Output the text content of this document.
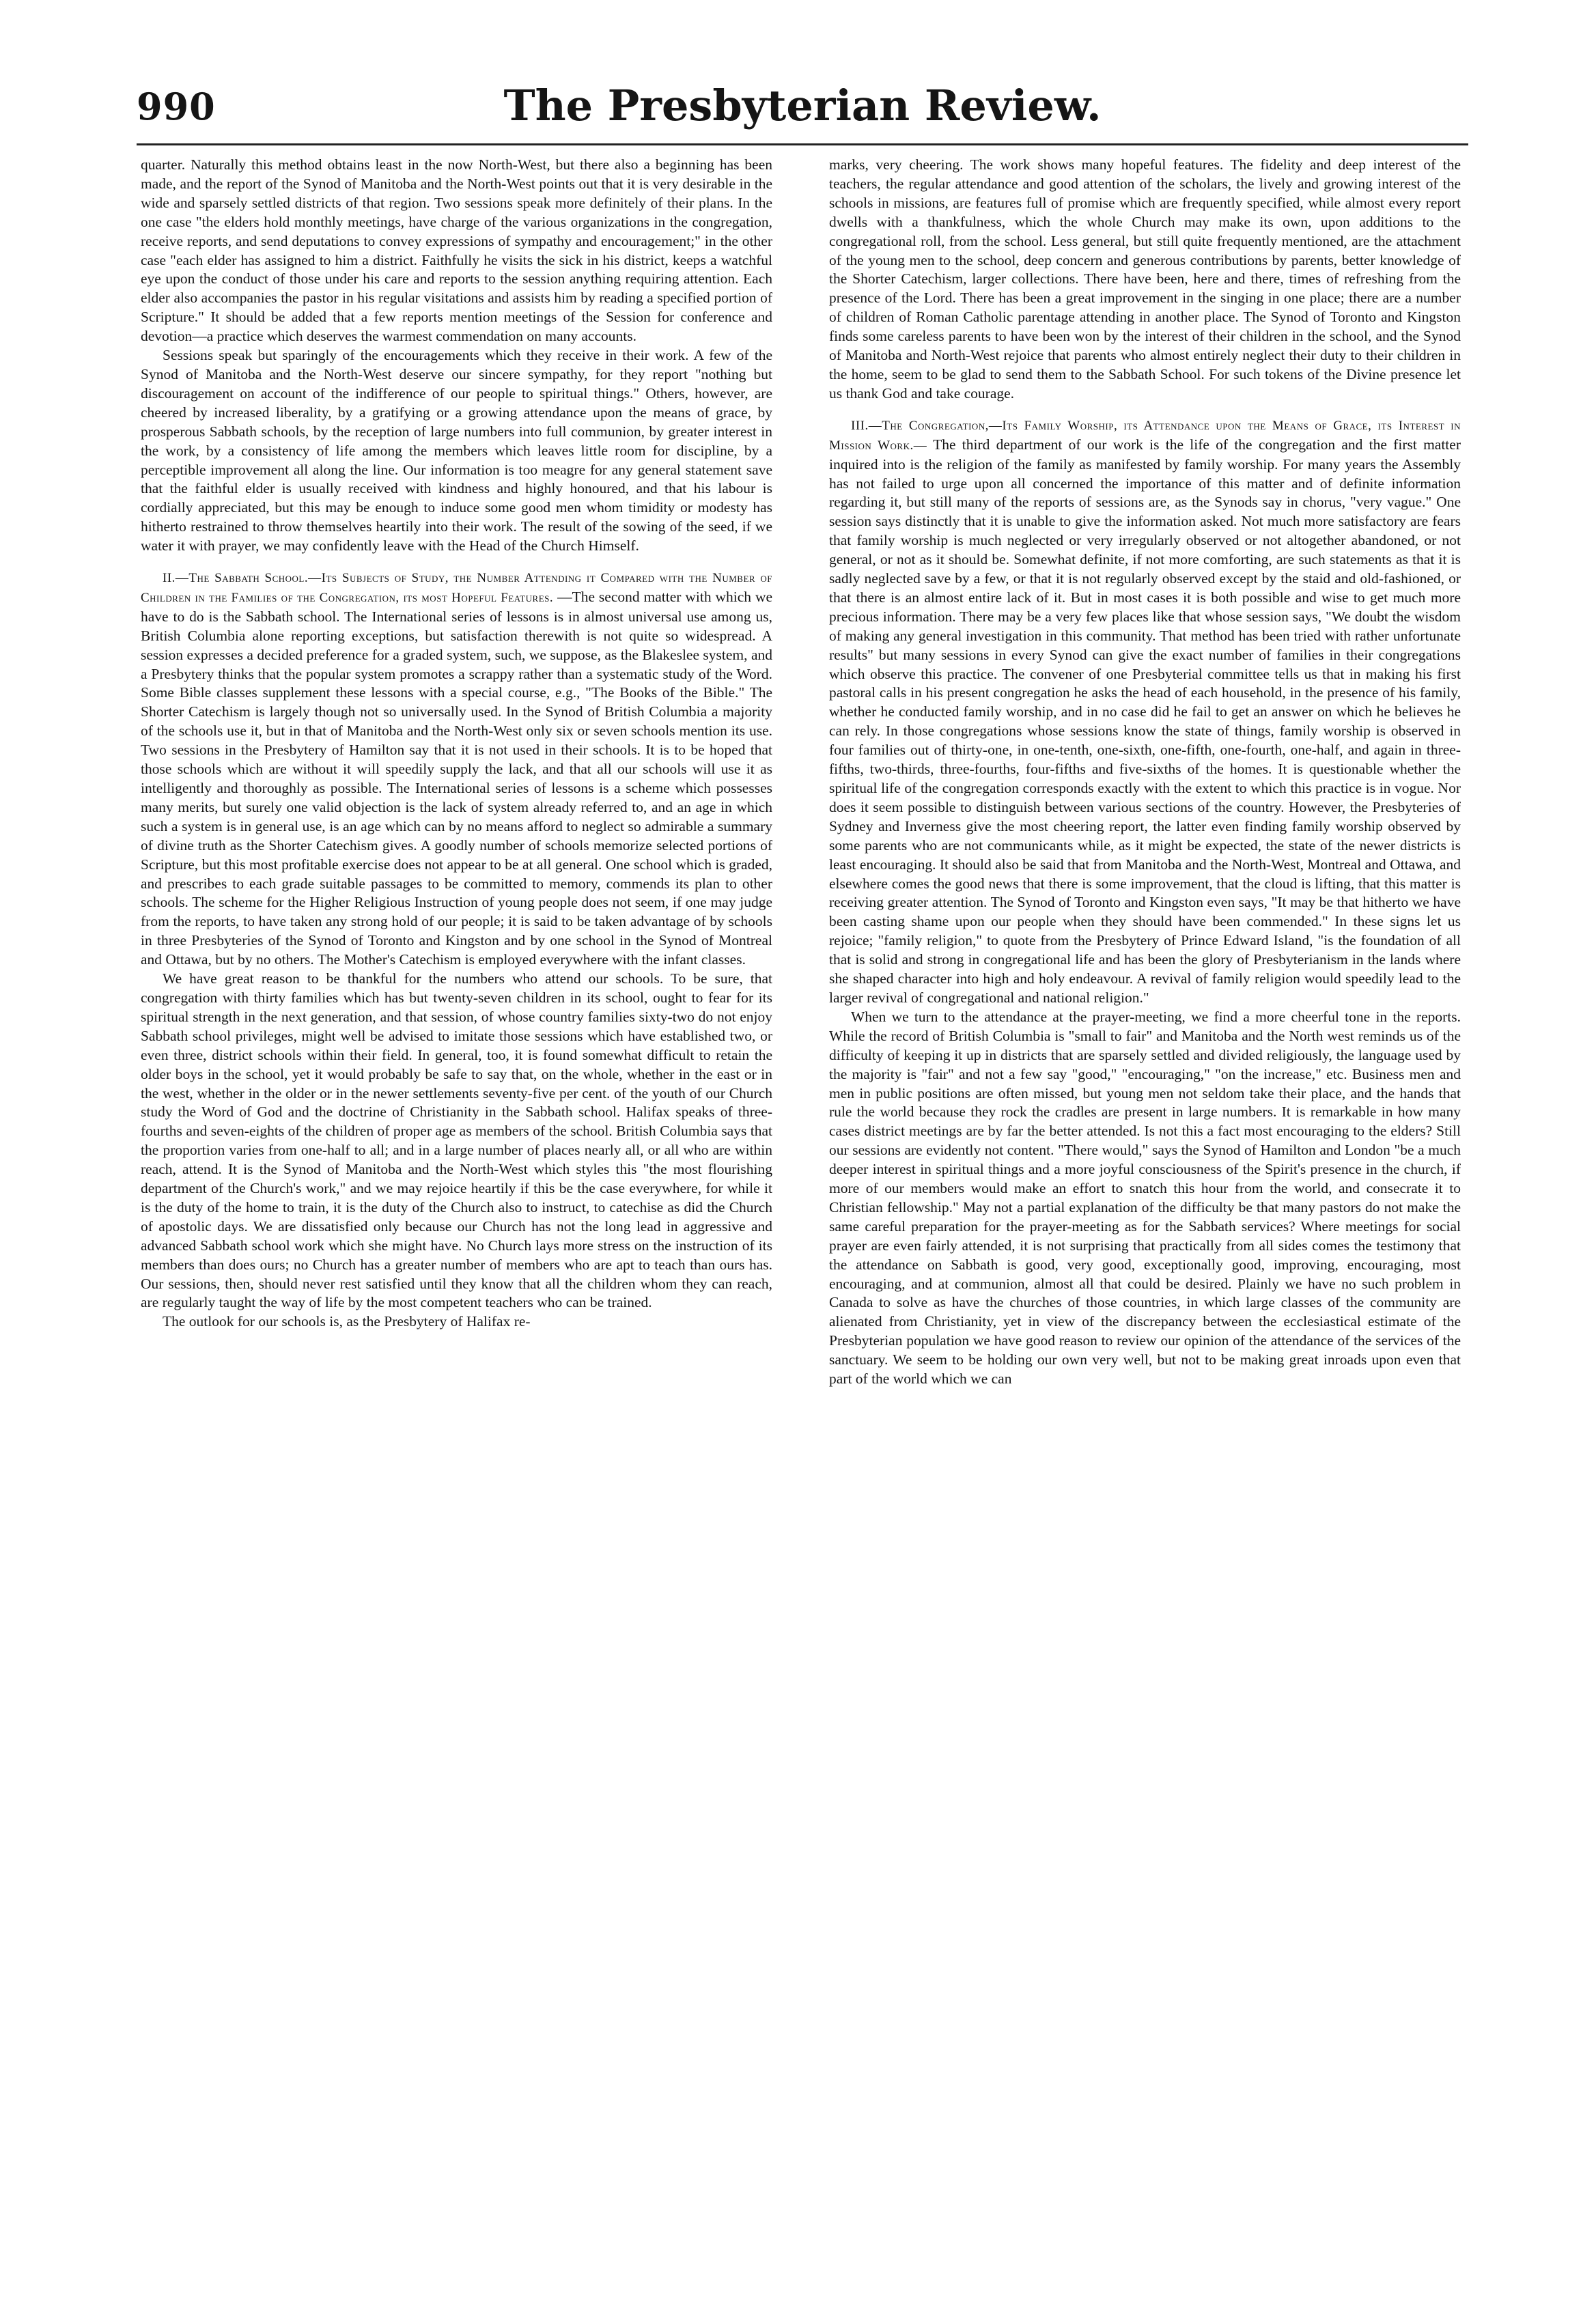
990	The Presbyterian Review.

quarter. Naturally this method obtains least in the now North-West, but there also a beginning has been made, and the report of the Synod of Manitoba and the North-West points out that it is very desirable in the wide and sparsely settled districts of that region. Two sessions speak more definitely of their plans. In the one case "the elders hold monthly meetings, have charge of the various organizations in the congregation, receive reports, and send deputations to convey expressions of sympathy and encouragement;" in the other case "each elder has assigned to him a district. Faithfully he visits the sick in his district, keeps a watchful eye upon the conduct of those under his care and reports to the session anything requiring attention. Each elder also accompanies the pastor in his regular visitations and assists him by reading a specified portion of Scripture." It should be added that a few reports mention meetings of the Session for conference and devotion—a practice which deserves the warmest commendation on many accounts.

Sessions speak but sparingly of the encouragements which they receive in their work. A few of the Synod of Manitoba and the North-West deserve our sincere sympathy, for they report "nothing but discouragement on account of the indifference of our people to spiritual things." Others, however, are cheered by increased liberality, by a gratifying or a growing attendance upon the means of grace, by prosperous Sabbath schools, by the reception of large numbers into full communion, by greater interest in the work, by a consistency of life among the members which leaves little room for discipline, by a perceptible improvement all along the line. Our information is too meagre for any general statement save that the faithful elder is usually received with kindness and highly honoured, and that his labour is cordially appreciated, but this may be enough to induce some good men whom timidity or modesty has hitherto restrained to throw themselves heartily into their work. The result of the sowing of the seed, if we water it with prayer, we may confidently leave with the Head of the Church Himself.

II.—The Sabbath School.—Its Subjects of Study, the Number Attending it Compared with the Number of Children in the Families of the Congregation, its most Hopeful Features. —The second matter with which we have to do is the Sabbath school. The International series of lessons is in almost universal use among us, British Columbia alone reporting exceptions, but satisfaction therewith is not quite so widespread. A session expresses a decided preference for a graded system, such, we suppose, as the Blakeslee system, and a Presbytery thinks that the popular system promotes a scrappy rather than a systematic study of the Word. Some Bible classes supplement these lessons with a special course, e.g., "The Books of the Bible." The Shorter Catechism is largely though not so universally used. In the Synod of British Columbia a majority of the schools use it, but in that of Manitoba and the North-West only six or seven schools mention its use. Two sessions in the Presbytery of Hamilton say that it is not used in their schools. It is to be hoped that those schools which are without it will speedily supply the lack, and that all our schools will use it as intelligently and thoroughly as possible. The International series of lessons is a scheme which possesses many merits, but surely one valid objection is the lack of system already referred to, and an age in which such a system is in general use, is an age which can by no means afford to neglect so admirable a summary of divine truth as the Shorter Catechism gives. A goodly number of schools memorize selected portions of Scripture, but this most profitable exercise does not appear to be at all general. One school which is graded, and prescribes to each grade suitable passages to be committed to memory, commends its plan to other schools. The scheme for the Higher Religious Instruction of young people does not seem, if one may judge from the reports, to have taken any strong hold of our people; it is said to be taken advantage of by schools in three Presbyteries of the Synod of Toronto and Kingston and by one school in the Synod of Montreal and Ottawa, but by no others. The Mother's Catechism is employed everywhere with the infant classes.

We have great reason to be thankful for the numbers who attend our schools. To be sure, that congregation with thirty families which has but twenty-seven children in its school, ought to fear for its spiritual strength in the next generation, and that session, of whose country families sixty-two do not enjoy Sabbath school privileges, might well be advised to imitate those sessions which have established two, or even three, district schools within their field. In general, too, it is found somewhat difficult to retain the older boys in the school, yet it would probably be safe to say that, on the whole, whether in the east or in the west, whether in the older or in the newer settlements seventy-five per cent. of the youth of our Church study the Word of God and the doctrine of Christianity in the Sabbath school. Halifax speaks of three-fourths and seven-eights of the children of proper age as members of the school. British Columbia says that the proportion varies from one-half to all; and in a large number of places nearly all, or all who are within reach, attend. It is the Synod of Manitoba and the North-West which styles this "the most flourishing department of the Church's work," and we may rejoice heartily if this be the case everywhere, for while it is the duty of the home to train, it is the duty of the Church also to instruct, to catechise as did the Church of apostolic days. We are dissatisfied only because our Church has not the long lead in aggressive and advanced Sabbath school work which she might have. No Church lays more stress on the instruction of its members than does ours; no Church has a greater number of members who are apt to teach than ours has. Our sessions, then, should never rest satisfied until they know that all the children whom they can reach, are regularly taught the way of life by the most competent teachers who can be trained.

The outlook for our schools is, as the Presbytery of Halifax re-

marks, very cheering. The work shows many hopeful features. The fidelity and deep interest of the teachers, the regular attendance and good attention of the scholars, the lively and growing interest of the schools in missions, are features full of promise which are frequently specified, while almost every report dwells with a thankfulness, which the whole Church may make its own, upon additions to the congregational roll, from the school. Less general, but still quite frequently mentioned, are the attachment of the young men to the school, deep concern and generous contributions by parents, better knowledge of the Shorter Catechism, larger collections. There have been, here and there, times of refreshing from the presence of the Lord. There has been a great improvement in the singing in one place; there are a number of children of Roman Catholic parentage attending in another place. The Synod of Toronto and Kingston finds some careless parents to have been won by the interest of their children in the school, and the Synod of Manitoba and North-West rejoice that parents who almost entirely neglect their duty to their children in the home, seem to be glad to send them to the Sabbath School. For such tokens of the Divine presence let us thank God and take courage.

III.—The Congregation,—Its Family Worship, its Attendance upon the Means of Grace, its Interest in Mission Work.— The third department of our work is the life of the congregation and the first matter inquired into is the religion of the family as manifested by family worship. For many years the Assembly has not failed to urge upon all concerned the importance of this matter and of definite information regarding it, but still many of the reports of sessions are, as the Synods say in chorus, "very vague." One session says distinctly that it is unable to give the information asked. Not much more satisfactory are fears that family worship is much neglected or very irregularly observed or not altogether abandoned, or not general, or not as it should be. Somewhat definite, if not more comforting, are such statements as that it is sadly neglected save by a few, or that it is not regularly observed except by the staid and old-fashioned, or that there is an almost entire lack of it. But in most cases it is both possible and wise to get much more precious information. There may be a very few places like that whose session says, "We doubt the wisdom of making any general investigation in this community. That method has been tried with rather unfortunate results" but many sessions in every Synod can give the exact number of families in their congregations which observe this practice. The convener of one Presbyterial committee tells us that in making his first pastoral calls in his present congregation he asks the head of each household, in the presence of his family, whether he conducted family worship, and in no case did he fail to get an answer on which he believes he can rely. In those congregations whose sessions know the state of things, family worship is observed in four families out of thirty-one, in one-tenth, one-sixth, one-fifth, one-fourth, one-half, and again in three-fifths, two-thirds, three-fourths, four-fifths and five-sixths of the homes. It is questionable whether the spiritual life of the congregation corresponds exactly with the extent to which this practice is in vogue. Nor does it seem possible to distinguish between various sections of the country. However, the Presbyteries of Sydney and Inverness give the most cheering report, the latter even finding family worship observed by some parents who are not communicants while, as it might be expected, the state of the newer districts is least encouraging. It should also be said that from Manitoba and the North-West, Montreal and Ottawa, and elsewhere comes the good news that there is some improvement, that the cloud is lifting, that this matter is receiving greater attention. The Synod of Toronto and Kingston even says, "It may be that hitherto we have been casting shame upon our people when they should have been commended." In these signs let us rejoice; "family religion," to quote from the Presbytery of Prince Edward Island, "is the foundation of all that is solid and strong in congregational life and has been the glory of Presbyterianism in the lands where she shaped character into high and holy endeavour. A revival of family religion would speedily lead to the larger revival of congregational and national religion."

When we turn to the attendance at the prayer-meeting, we find a more cheerful tone in the reports. While the record of British Columbia is "small to fair" and Manitoba and the North west reminds us of the difficulty of keeping it up in districts that are sparsely settled and divided religiously, the language used by the majority is "fair" and not a few say "good," "encouraging," "on the increase," etc. Business men and men in public positions are often missed, but young men not seldom take their place, and the hands that rule the world because they rock the cradles are present in large numbers. It is remarkable in how many cases district meetings are by far the better attended. Is not this a fact most encouraging to the elders? Still our sessions are evidently not content. "There would," says the Synod of Hamilton and London "be a much deeper interest in spiritual things and a more joyful consciousness of the Spirit's presence in the church, if more of our members would make an effort to snatch this hour from the world, and consecrate it to Christian fellowship." May not a partial explanation of the difficulty be that many pastors do not make the same careful preparation for the prayer-meeting as for the Sabbath services? Where meetings for social prayer are even fairly attended, it is not surprising that practically from all sides comes the testimony that the attendance on Sabbath is good, very good, exceptionally good, improving, encouraging, most encouraging, and at communion, almost all that could be desired. Plainly we have no such problem in Canada to solve as have the churches of those countries, in which large classes of the community are alienated from Christianity, yet in view of the discrepancy between the ecclesiastical estimate of the Presbyterian population we have good reason to review our opinion of the attendance of the services of the sanctuary. We seem to be holding our own very well, but not to be making great inroads upon even that part of the world which we can
